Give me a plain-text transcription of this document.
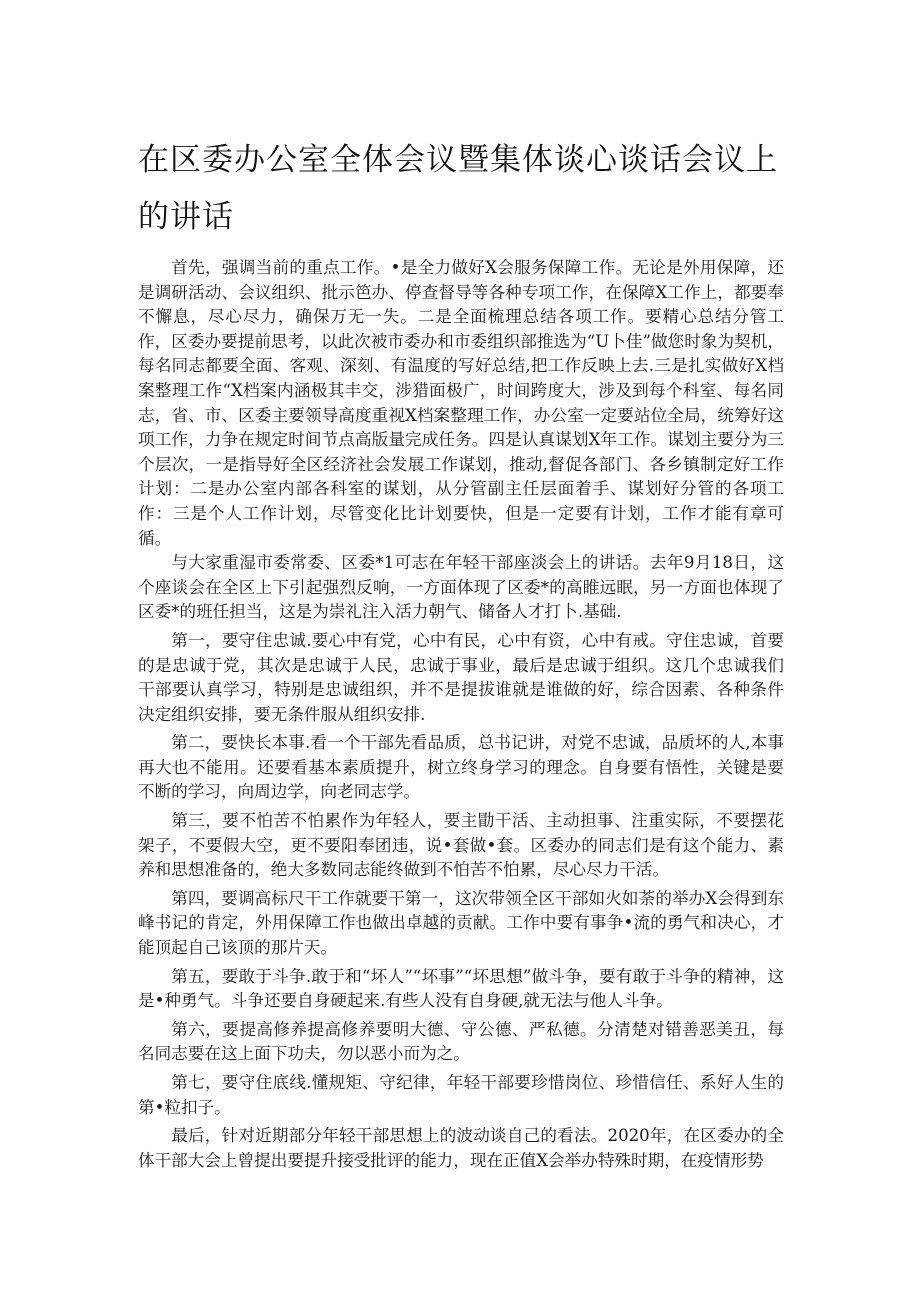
在区委办公室全体会议暨集体谈心谈话会议上的讲话

首先，强调当前的重点工作。•是全力做好X会服务保障工作。无论是外用保障，还是调研活动、会议组织、批示笆办、停查督导等各种专项工作，在保障X工作上，都要奉不懈息，尽心尽力，确保万无一失。二是全面梳理总结各项工作。要精心总结分管工作，区委办要提前思考，以此次被市委办和市委组织部推选为“U卜佳”做您时象为契机，每名同志都要全面、客观、深刻、有温度的写好总结,把工作反映上去.三是扎实做好X档案整理工作“X档案内涵极其丰交，涉猎面极广，时间跨度大，涉及到每个科室、每名同志，省、市、区委主要领导高度重视X档案整理工作，办公室一定要站位全局，统筹好这项工作，力争在规定时间节点高版量完成任务。四是认真谋划X年工作。谋划主要分为三个层次，一是指导好全区经济社会发展工作谋划，推动,督促各部门、各乡镇制定好工作计划：二是办公室内部各科室的谋划，从分管副主任层面着手、谋划好分管的各项工作：三是个人工作计划，尽管变化比计划要快，但是一定要有计划，工作才能有章可循。

与大家重湿市委常委、区委*1可志在年轻干部座淡会上的讲话。去年9月18日，这个座谈会在全区上下引起强烈反响，一方面体现了区委*的高睢远眠，另一方面也体现了区委*的班任担当，这是为崇礼注入活力朝气、储备人才打卜.基础.

第一，要守住忠诚.要心中有党，心中有民，心中有资，心中有戒。守住忠诚，首要的是忠诚于党，其次是忠诚于人民，忠诚于事业，最后是忠诚于组织。这几个忠诚我们干部要认真学习，特别是忠诚组织，并不是提拔谁就是谁做的好，综合因素、各种条件决定组织安排，要无条件服从组织安排.

第二，要快长本事.看一个干部先看品质，总书记讲，对党不忠诚，品质坏的人,本事再大也不能用。还要看基本素质提升，树立终身学习的理念。自身要有悟性，关键是要不断的学习，向周边学，向老同志学。

第三，要不怕苦不怕累作为年轻人，要主勖干活、主动担事、注重实际，不要摆花架子，不要假大空，更不要阳奉团违，说•套做•套。区委办的同志们是有这个能力、素养和思想准备的，绝大多数同志能终做到不怕苦不怕累，尽心尽力干活。

第四，要调高标尺干工作就要干第一，这次带领全区干部如火如荼的举办X会得到东峰书记的肯定，外用保障工作也做出卓越的贡献。工作中要有事争•流的勇气和决心，才能顶起自己该顶的那片天。

第五，要敢于斗争.敢于和“坏人”“坏事”“坏思想”做斗争，要有敢于斗争的精神，这是•种勇气。斗争还要自身硬起来.有些人没有自身硬,就无法与他人斗争。

第六，要提高修养提高修养要明大德、守公德、严私德。分清楚对错善恶美丑，每名同志要在这上面下功夫，勿以恶小而为之。

第七，要守住底线.懂规矩、守纪律，年轻干部要珍惜岗位、珍惜信任、系好人生的第•粒扣子。

最后，针对近期部分年轻干部思想上的波动谈自己的看法。2020年，在区委办的全体干部大会上曾提出要提升接受批评的能力，现在正值X会举办特殊时期，在疫情形势
